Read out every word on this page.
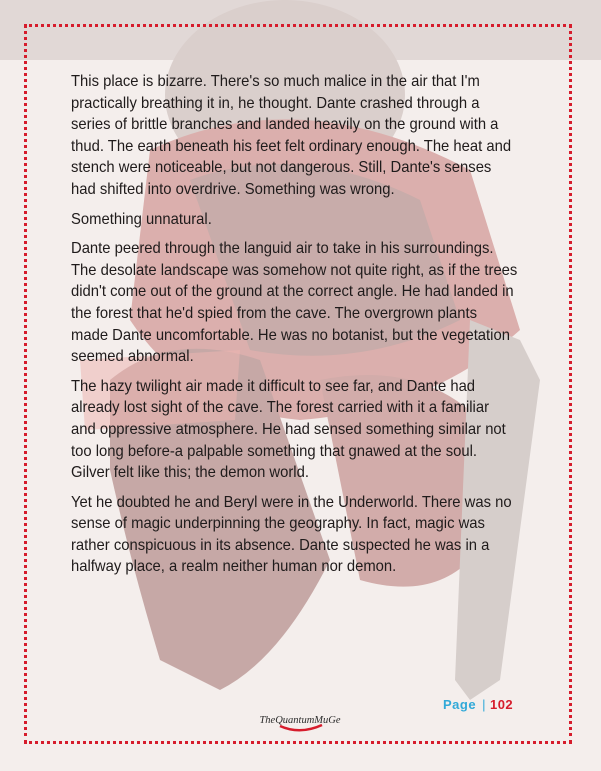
This place is bizarre. There's so much malice in the air that I'm practically breathing it in, he thought. Dante crashed through a series of brittle branches and landed heavily on the ground with a thud. The earth beneath his feet felt ordinary enough. The heat and stench were noticeable, but not dangerous. Still, Dante's senses had shifted into overdrive. Something was wrong.

Something unnatural.

Dante peered through the languid air to take in his surroundings. The desolate landscape was somehow not quite right, as if the trees didn't come out of the ground at the correct angle. He had landed in the forest that he'd spied from the cave. The overgrown plants made Dante uncomfortable. He was no botanist, but the vegetation seemed abnormal.

The hazy twilight air made it difficult to see far, and Dante had already lost sight of the cave. The forest carried with it a familiar and oppressive atmosphere. He had sensed something similar not too long before-a palpable something that gnawed at the soul. Gilver felt like this; the demon world.

Yet he doubted he and Beryl were in the Underworld. There was no sense of magic underpinning the geography. In fact, magic was rather conspicuous in its absence. Dante suspected he was in a halfway place, a realm neither human nor demon.

Page | 102
TheQuantumMuGe
